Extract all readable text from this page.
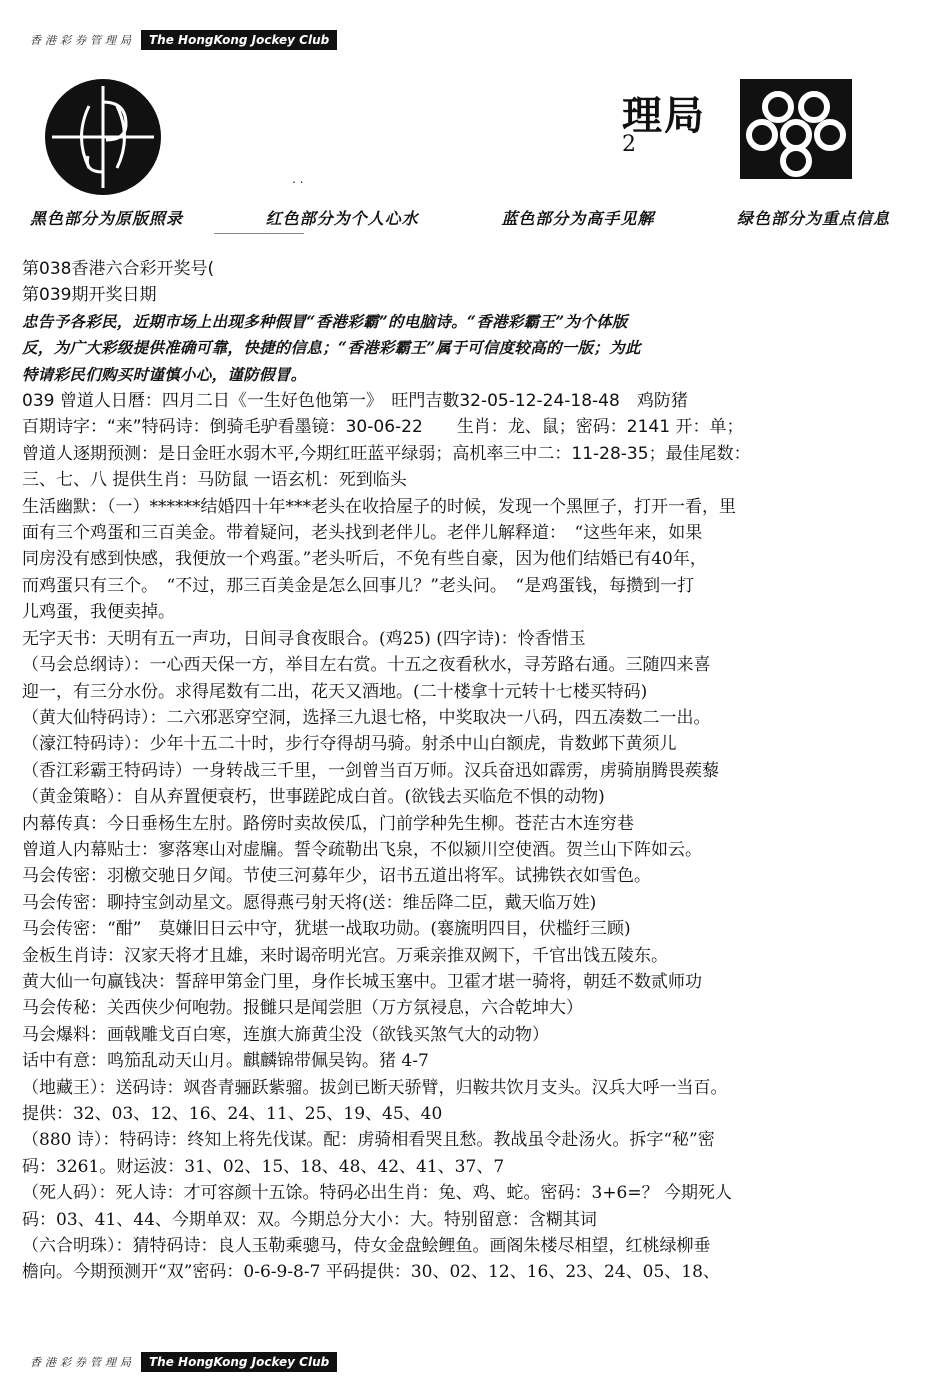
香港彩券管理局	The HongKong Jockey Club
理局
2
. .
黑色部分为原版照录	红色部分为个人心水	蓝色部分为高手见解	绿色部分为重点信息
第038香港六合彩开奖号(
第039期开奖日期
忠告予各彩民，近期市场上出现多种假冒“香港彩霸”的电脑诗。“香港彩霸王”为个体版
反，为广大彩级提供准确可靠，快捷的信息；“香港彩霸王”属于可信度较高的一版；为此
特请彩民们购买时谨慎小心，谨防假冒。
039 曾道人日曆：四月二日《一生好色他第一》　旺門吉數32-05-12-24-18-48　鸡防猪
百期诗字：“来”特码诗：倒骑毛驴看墨镜：30-06-22　　生肖：龙、鼠；密码：2141 开：单；
曾道人逐期预测：是日金旺水弱木平,今期红旺蓝平绿弱；高机率三中二：11-28-35；最佳尾数：
三、七、八 提供生肖：马防鼠 一语玄机：死到临头
生活幽默：（一）******结婚四十年***老头在收拾屋子的时候，发现一个黑匣子，打开一看，里
面有三个鸡蛋和三百美金。带着疑问，老头找到老伴儿。老伴儿解释道：　“这些年来，如果
同房没有感到快感，我便放一个鸡蛋。”老头听后，不免有些自豪，因为他们结婚已有40年，
而鸡蛋只有三个。　“不过，那三百美金是怎么回事儿？”老头问。　“是鸡蛋钱，每攒到一打
儿鸡蛋，我便卖掉。
无字天书：天明有五一声功，日间寻食夜眼合。(鸡25) (四字诗)：怜香惜玉
（马会总纲诗）：一心西天保一方，举目左右赏。十五之夜看秋水，寻芳路右通。三随四来喜
迎一，有三分水份。求得尾数有二出，花天又酒地。(二十楼拿十元转十七楼买特码)
（黄大仙特码诗）：二六邪恶穿空洞，选择三九退七格，中奖取决一八码，四五凑数二一出。
（濠江特码诗）：少年十五二十时，步行夺得胡马骑。射杀中山白额虎，肯数邺下黄须儿
（香江彩霸王特码诗）一身转战三千里，一剑曾当百万师。汉兵奋迅如霹雳，虏骑崩腾畏蒺藜
（黄金策略）：自从弃置便衰朽，世事蹉跎成白首。(欲钱去买临危不惧的动物)
内幕传真：今日垂杨生左肘。路傍时卖故侯瓜，门前学种先生柳。苍茫古木连穷巷
曾道人内幕贴士：寥落寒山对虚牖。誓令疏勒出飞泉，不似颍川空使酒。贺兰山下阵如云。
马会传密：羽檄交驰日夕闻。节使三河募年少，诏书五道出将军。试拂铁衣如雪色。
马会传密：聊持宝剑动星文。愿得燕弓射天将(送：维岳降二臣，戴天临万姓)
马会传密：“酣”　莫嫌旧日云中守，犹堪一战取功勋。(褰旒明四目，伏槛纡三顾)
金板生肖诗：汉家天将才且雄，来时谒帝明光宫。万乘亲推双阙下，千官出饯五陵东。
黄大仙一句赢钱决：誓辞甲第金门里，身作长城玉塞中。卫霍才堪一骑将，朝廷不数贰师功
马会传秘：关西侠少何咆勃。报雠只是闻尝胆（万方氛祲息，六合乾坤大）
马会爆料：画戟雕戈百白寒，连旗大旆黄尘没（欲钱买煞气大的动物）
话中有意：鸣笳乱动天山月。麒麟锦带佩吴钩。猪 4-7
（地藏王）：送码诗：飒沓青骊跃紫骝。拔剑已断天骄臂，归鞍共饮月支头。汉兵大呼一当百。
提供：32、03、12、16、24、11、25、19、45、40
（880 诗）：特码诗：终知上将先伐谋。配：虏骑相看哭且愁。教战虽令赴汤火。拆字“秘”密
码：3261。财运波：31、02、15、18、48、42、41、37、7
（死人码）：死人诗：才可容颜十五馀。特码必出生肖：兔、鸡、蛇。密码：3+6=？ 今期死人
码：03、41、44、今期单双：双。今期总分大小：大。特别留意：含糊其词
（六合明珠）：猜特码诗：良人玉勒乘骢马，侍女金盘鲙鲤鱼。画阁朱楼尽相望，红桃绿柳垂
檐向。今期预测开“双”密码：0-6-9-8-7 平码提供：30、02、12、16、23、24、05、18、
香港彩券管理局	The HongKong Jockey Club
